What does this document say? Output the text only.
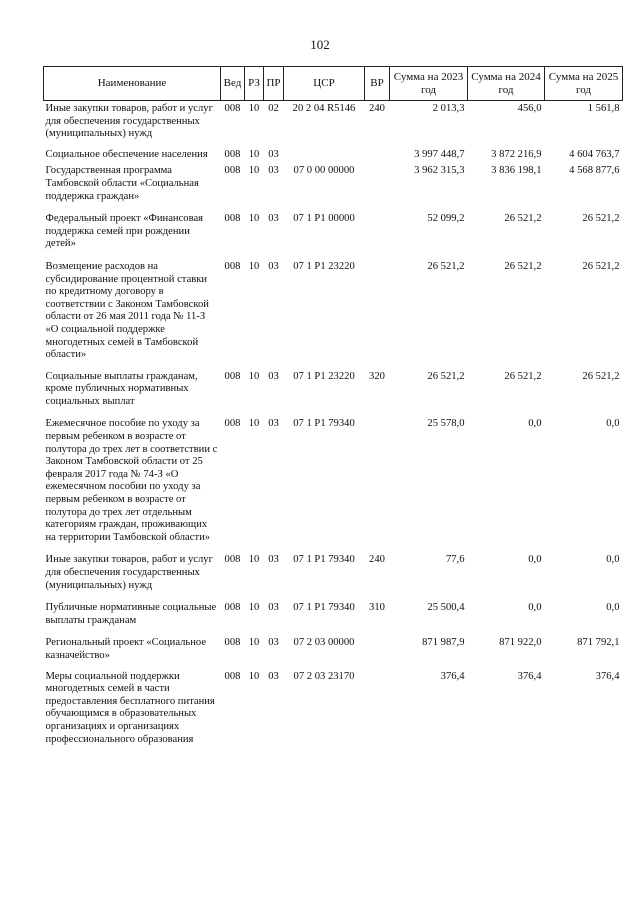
102
Наименование	Вед	РЗ	ПР	ЦСР	ВР	Сумма на 2023 год	Сумма на 2024 год	Сумма на 2025 год
Иные закупки товаров, работ и услуг для обеспечения государственных (муниципальных) нужд	008	10	02	20 2 04 R5146	240	2 013,3	456,0	1 561,8
Социальное обеспечение населения	008	10	03			3 997 448,7	3 872 216,9	4 604 763,7
Государственная программа Тамбовской области «Социальная поддержка граждан»	008	10	03	07 0 00 00000		3 962 315,3	3 836 198,1	4 568 877,6
Федеральный проект «Финансовая поддержка семей при рождении детей»	008	10	03	07 1 P1 00000		52 099,2	26 521,2	26 521,2
Возмещение расходов на субсидирование процентной ставки по кредитному договору в соответствии с Законом Тамбовской области от 26 мая 2011 года № 11-З «О социальной поддержке многодетных семей в Тамбовской области»	008	10	03	07 1 P1 23220		26 521,2	26 521,2	26 521,2
Социальные выплаты гражданам, кроме публичных нормативных социальных выплат	008	10	03	07 1 P1 23220	320	26 521,2	26 521,2	26 521,2
Ежемесячное пособие по уходу за первым ребенком в возрасте от полутора до трех лет в соответствии с Законом Тамбовской области от 25 февраля 2017 года № 74-З «О ежемесячном пособии по уходу за первым ребенком в возрасте от полутора до трех лет отдельным категориям граждан, проживающих на территории Тамбовской области»	008	10	03	07 1 P1 79340		25 578,0	0,0	0,0
Иные закупки товаров, работ и услуг для обеспечения государственных (муниципальных) нужд	008	10	03	07 1 P1 79340	240	77,6	0,0	0,0
Публичные нормативные социальные выплаты гражданам	008	10	03	07 1 P1 79340	310	25 500,4	0,0	0,0
Региональный проект «Социальное казначейство»	008	10	03	07 2 03 00000		871 987,9	871 922,0	871 792,1
Меры социальной поддержки многодетных семей в части предоставления бесплатного питания обучающимся в образовательных организациях и организациях профессионального образования	008	10	03	07 2 03 23170		376,4	376,4	376,4
